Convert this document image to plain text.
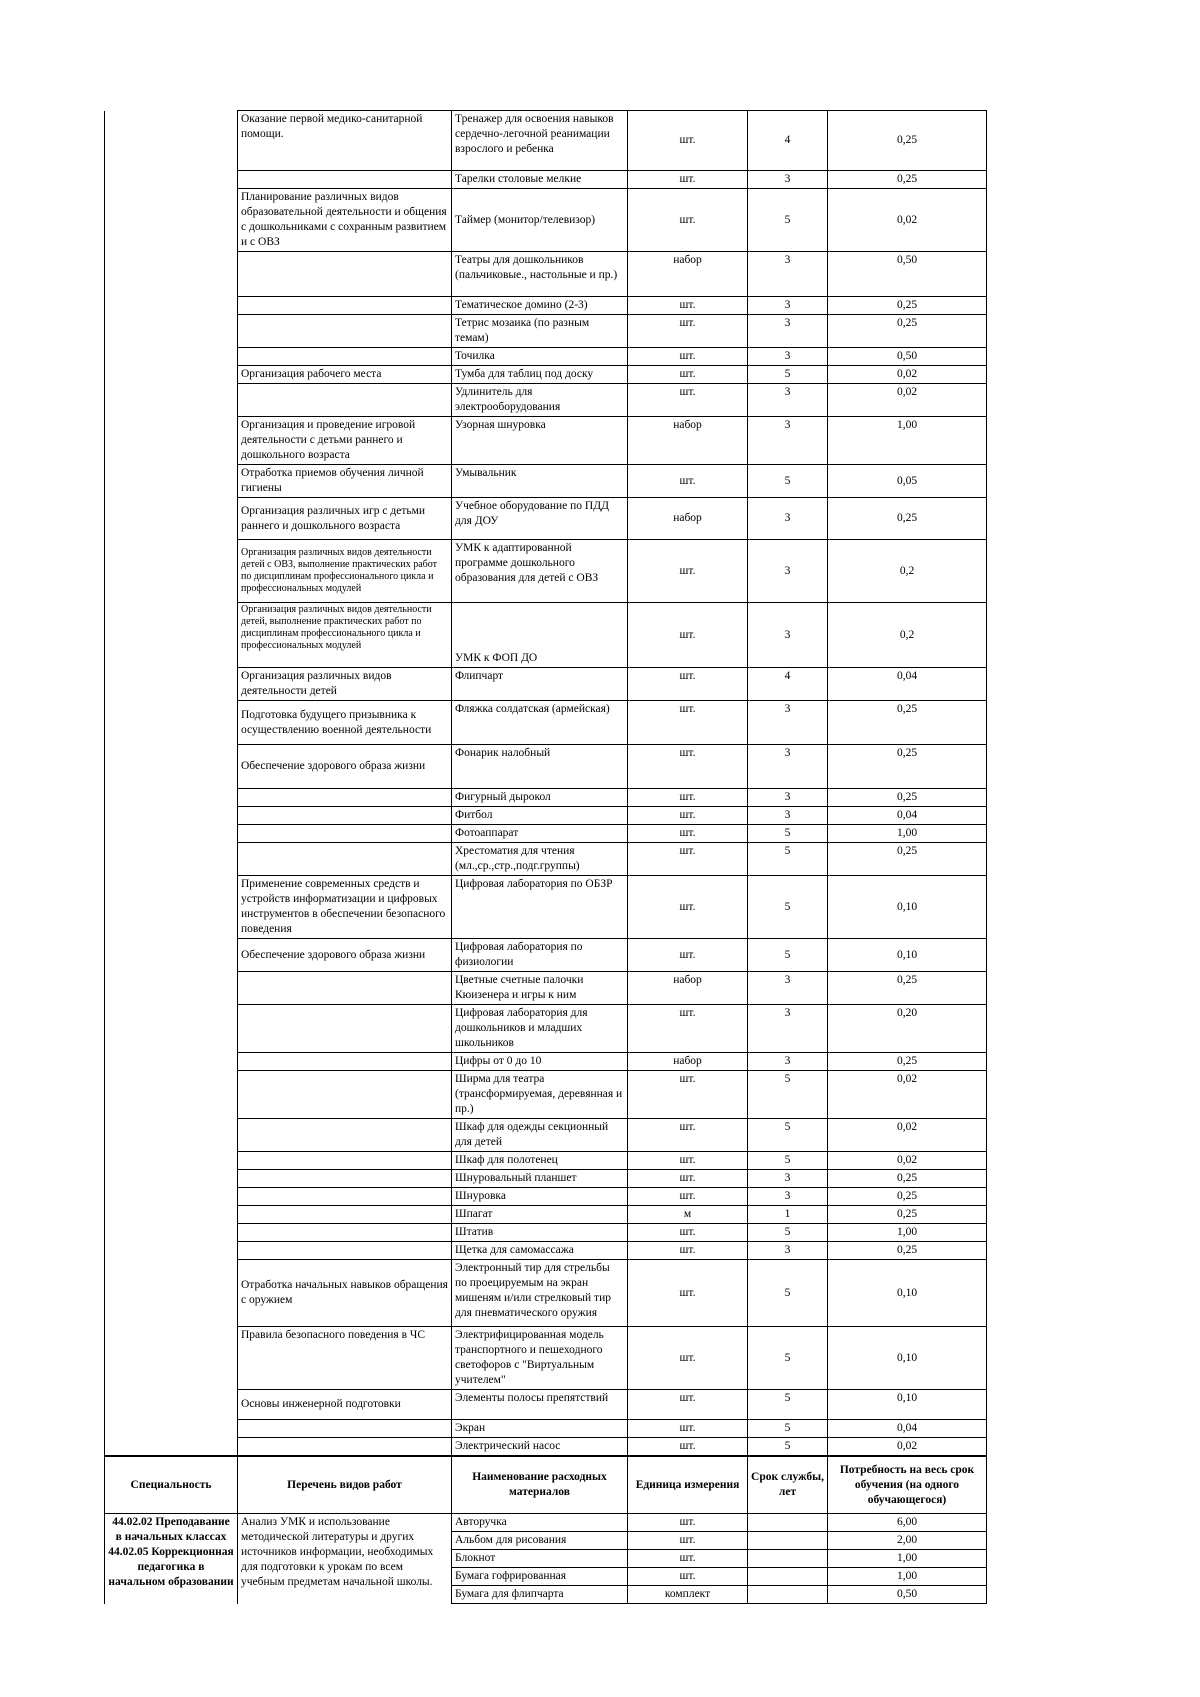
	Оказание первой медико-санитарной помощи.	Тренажер для освоения навыков сердечно-легочной реанимации взрослого и ребенка	шт.	4	0,25
		Тарелки столовые мелкие	шт.	3	0,25
	Планирование различных видов образовательной деятельности и общения с дошкольниками с сохранным развитием и с ОВЗ	Таймер (монитор/телевизор)	шт.	5	0,02
		Театры для дошкольников (пальчиковые., настольные и пр.)	набор	3	0,50
		Тематическое домино (2-3)	шт.	3	0,25
		Тетрис мозаика (по разным темам)	шт.	3	0,25
		Точилка	шт.	3	0,50
	Организация рабочего места	Тумба для таблиц под доску	шт.	5	0,02
		Удлинитель для электрооборудования	шт.	3	0,02
	Организация и проведение игровой деятельности с детьми раннего и дошкольного возраста	Узорная шнуровка	набор	3	1,00
	Отработка приемов обучения личной гигиены	Умывальник	шт.	5	0,05
	Организация различных игр с детьми раннего и дошкольного возраста	Учебное оборудование по ПДД для ДОУ	набор	3	0,25
	Организация различных видов деятельности детей с ОВЗ, выполнение практических работ по дисциплинам профессионального цикла и профессиональных модулей	УМК к адаптированной программе дошкольного образования для детей с ОВЗ	шт.	3	0,2
	Организация различных видов деятельности детей, выполнение практических работ по дисциплинам профессионального цикла и профессиональных модулей	УМК к ФОП ДО	шт.	3	0,2
	Организация различных видов деятельности детей	Флипчарт	шт.	4	0,04
	Подготовка будущего призывника к осуществлению военной деятельности	Фляжка солдатская (армейская)	шт.	3	0,25
	Обеспечение здорового образа жизни	Фонарик налобный	шт.	3	0,25
		Фигурный дырокол	шт.	3	0,25
		Фитбол	шт.	3	0,04
		Фотоаппарат	шт.	5	1,00
		Хрестоматия для чтения (мл.,ср.,стр.,подг.группы)	шт.	5	0,25
	Применение современных средств и устройств информатизации и цифровых инструментов в обеспечении безопасного поведения	Цифровая лаборатория по ОБЗР	шт.	5	0,10
	Обеспечение здорового образа жизни	Цифровая лаборатория по физиологии	шт.	5	0,10
		Цветные счетные палочки Кюизенера и игры к ним	набор	3	0,25
		Цифровая лаборатория для дошкольников и младших школьников	шт.	3	0,20
		Цифры от 0 до 10	набор	3	0,25
		Ширма для театра (трансформируемая, деревянная и пр.)	шт.	5	0,02
		Шкаф для одежды секционный для детей	шт.	5	0,02
		Шкаф для полотенец	шт.	5	0,02
		Шнуровальный планшет	шт.	3	0,25
		Шнуровка	шт.	3	0,25
		Шпагат	м	1	0,25
		Штатив	шт.	5	1,00
		Щетка для самомассажа	шт.	3	0,25
	Отработка начальных навыков обращения с оружием	Электронный тир для стрельбы по проецируемым на экран мишеням и/или стрелковый тир для пневматического оружия	шт.	5	0,10
	Правила безопасного поведения в ЧС	Электрифицированная модель транспортного и пешеходного светофоров с "Виртуальным учителем"	шт.	5	0,10
	Основы инженерной подготовки	Элементы полосы препятствий	шт.	5	0,10
		Экран	шт.	5	0,04
		Электрический насос	шт.	5	0,02
Специальность	Перечень видов работ	Наименование расходных материалов	Единица измерения	Срок службы, лет	Потребность на весь срок обучения (на одного обучающегося)
44.02.02 Преподавание в начальных классах 44.02.05 Коррекционная педагогика в начальном образовании	Анализ УМК и использование методической литературы и других источников информации, необходимых для подготовки к урокам по всем учебным предметам начальной школы.	Авторучка	шт.		6,00
		Альбом для рисования	шт.		2,00
		Блокнот	шт.		1,00
		Бумага гофрированная	шт.		1,00
		Бумага для флипчарта	комплект		0,50
